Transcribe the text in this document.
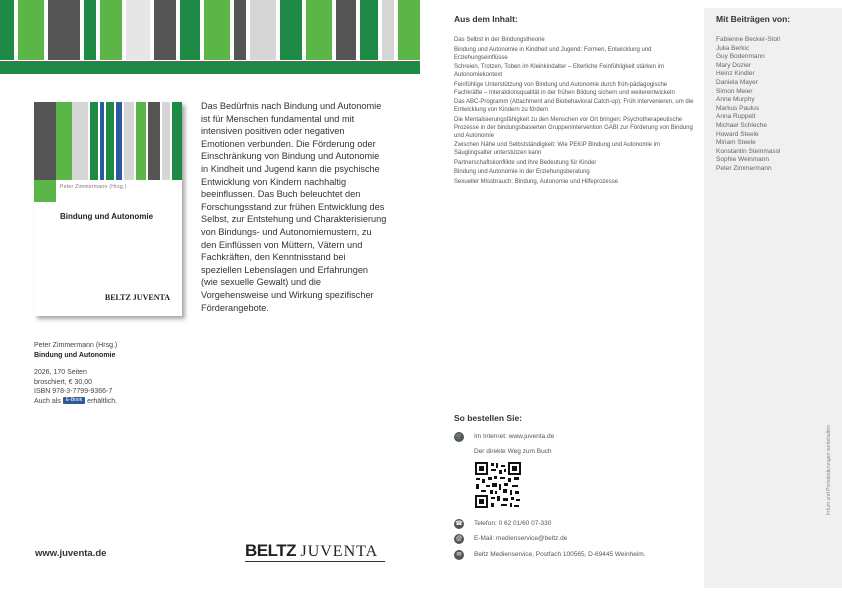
Peter Zimmermann (Hrsg.)
Bindung und Autonomie
BELTZ JUVENTA
Das Bedürfnis nach Bindung und Autonomie ist für Menschen fundamental und mit intensiven positiven oder negativen Emotionen verbunden. Die Förderung oder Einschränkung von Bindung und Autonomie in Kindheit und Jugend kann die psychische Entwicklung von Kindern nachhaltig beeinflussen. Das Buch beleuchtet den Forschungsstand zur frühen Entwicklung des Selbst, zur Entstehung und Charakterisierung von Bindungs- und Autonomiemustern, zu den Einflüssen von Müttern, Vätern und Fachkräften, den Kenntnisstand bei speziellen Lebenslagen und Erfahrungen (wie sexuelle Gewalt) und die Vorgehensweise und Wirkung spezifischer Förderangebote.
Peter Zimmermann (Hrsg.)
Bindung und Autonomie
2026, 170 Seiten
broschiert, € 30,00
ISBN 978-3-7799-9366-7
Auch als E-Book erhältlich.
www.juventa.de	BELTZ JUVENTA
Aus dem Inhalt:
Das Selbst in der Bindungstheorie
Bindung und Autonomie in Kindheit und Jugend: Formen, Entwicklung und Erziehungseinflüsse
Schreien, Trotzen, Toben im Kleinkindalter – Elterliche Feinfühligkeit stärken im Autonomiekontext
Feinfühlige Unterstützung von Bindung und Autonomie durch früh-pädagogische Fachkräfte – Interaktionsqualität in der frühen Bildung sichern und weiterentwickeln
Das ABC-Programm (Attachment and Biobehavioral Catch-up): Früh intervenieren, um die Entwicklung von Kindern zu fördern
Die Mentalisierungsfähigkeit zu den Menschen vor Ort bringen: Psychotherapeutische Prozesse in der bindungsbasierten Gruppenintervention GABI zur Förderung von Bindung und Autonomie
Zwischen Nähe und Selbstständigkeit: Wie PEKiP Bindung und Autonomie im Säuglingsalter unterstützen kann
Partnerschaftskonflikte und ihre Bedeutung für Kinder
Bindung und Autonomie in der Erziehungsberatung
Sexueller Missbrauch: Bindung, Autonomie und Hilfeprozesse
Mit Beiträgen von:
Fabienne Becker-Stoll
Julia Berkic
Guy Bodenmann
Mary Dozier
Heinz Kindler
Daniela Mayer
Simon Meier
Anne Murphy
Markus Paulus
Anna Ruppelt
Michael Schleche
Howard Steele
Miriam Steele
Konstantin Steinmassl
Sophie Weinmann
Peter Zimmermann
Irrtum und Preisänderungen vorbehalten
So bestellen Sie:
🛒 Im Internet: www.juventa.de
Der direkte Weg zum Buch
☎ Telefon: 0 62 01/60 07-330
@	E-Mail: medienservice@beltz.de
✉	Beltz Medienservice, Postfach 100565, D-69445 Weinheim.
